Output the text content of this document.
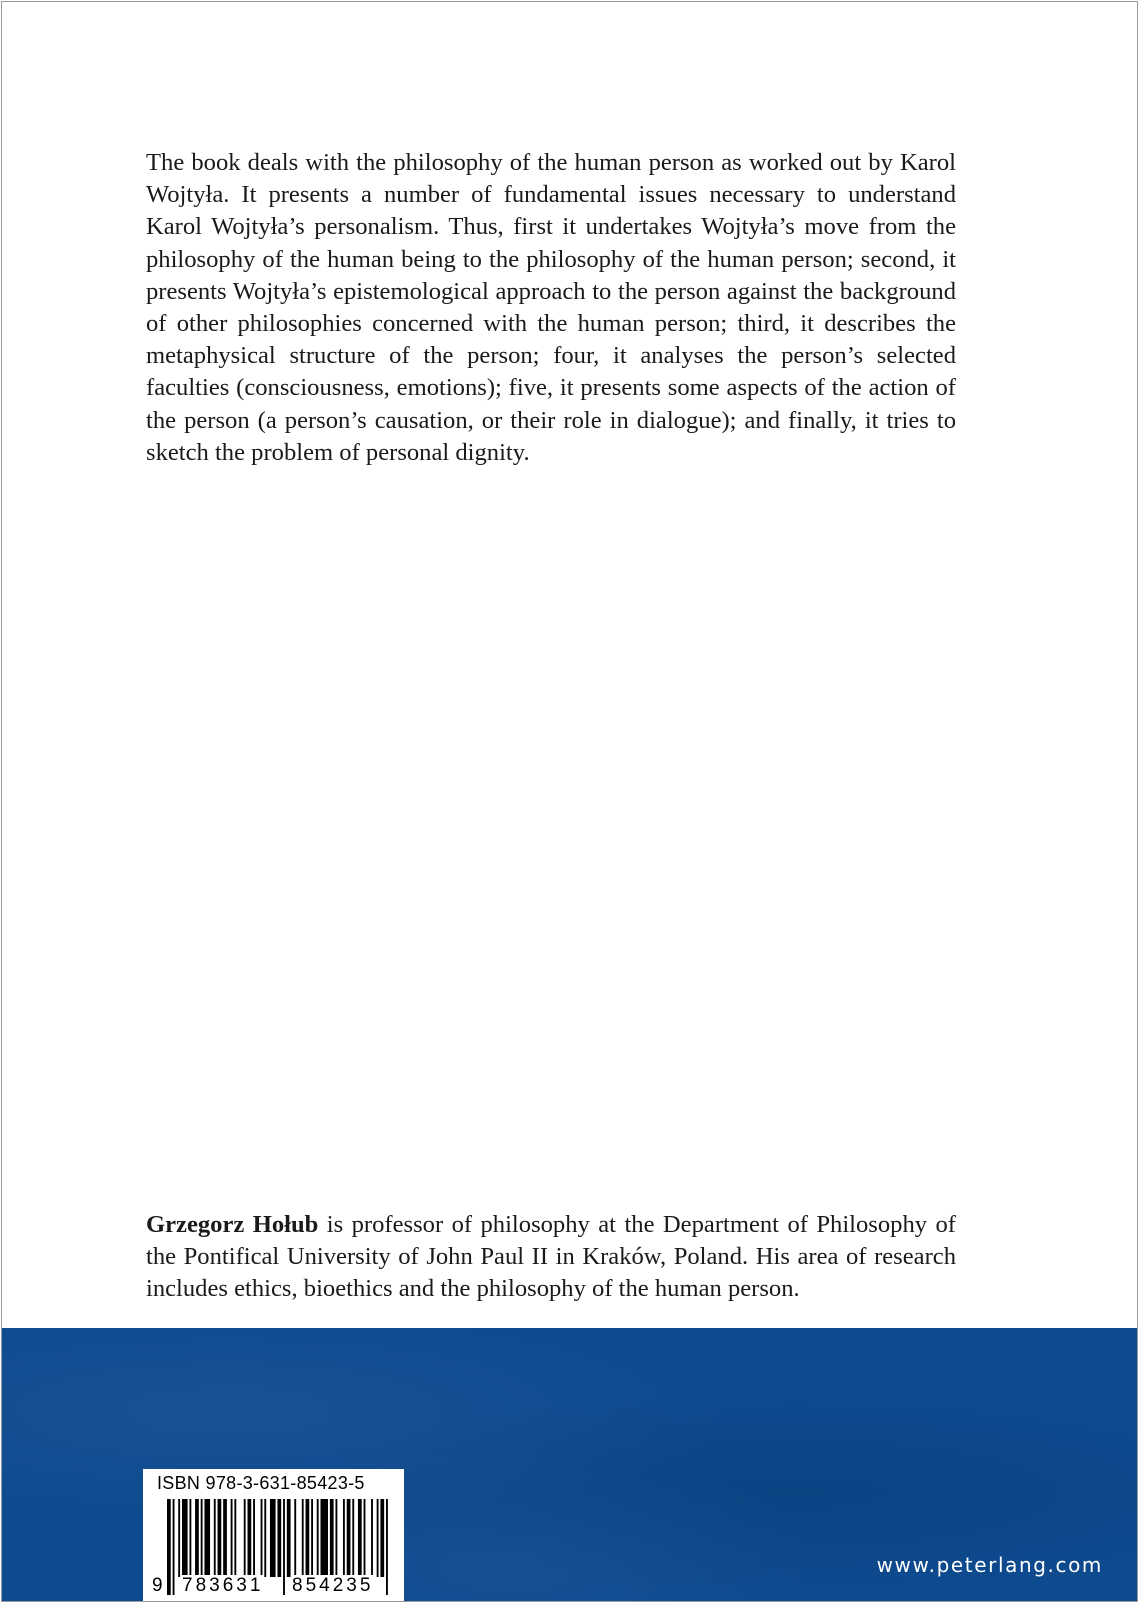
The book deals with the philosophy of the human person as worked out by Karol Wojtyła. It presents a number of fundamental issues necessary to understand Karol Wojtyła’s personalism. Thus, first it undertakes Wojtyła’s move from the philosophy of the human being to the philosophy of the human person; second, it presents Wojtyła’s epistemological approach to the person against the background of other philosophies concerned with the human person; third, it describes the metaphysical structure of the person; four, it analyses the person’s selected faculties (consciousness, emotions); five, it presents some aspects of the action of the person (a person’s causation, or their role in dialogue); and finally, it tries to sketch the problem of personal dignity.

Grzegorz Hołub is professor of philosophy at the Department of Philosophy of the Pontifical University of John Paul II in Kraków, Poland. His area of research includes ethics, bioethics and the philosophy of the human person.

ISBN 978-3-631-85423-5
9 783631 854235
www.peterlang.com
